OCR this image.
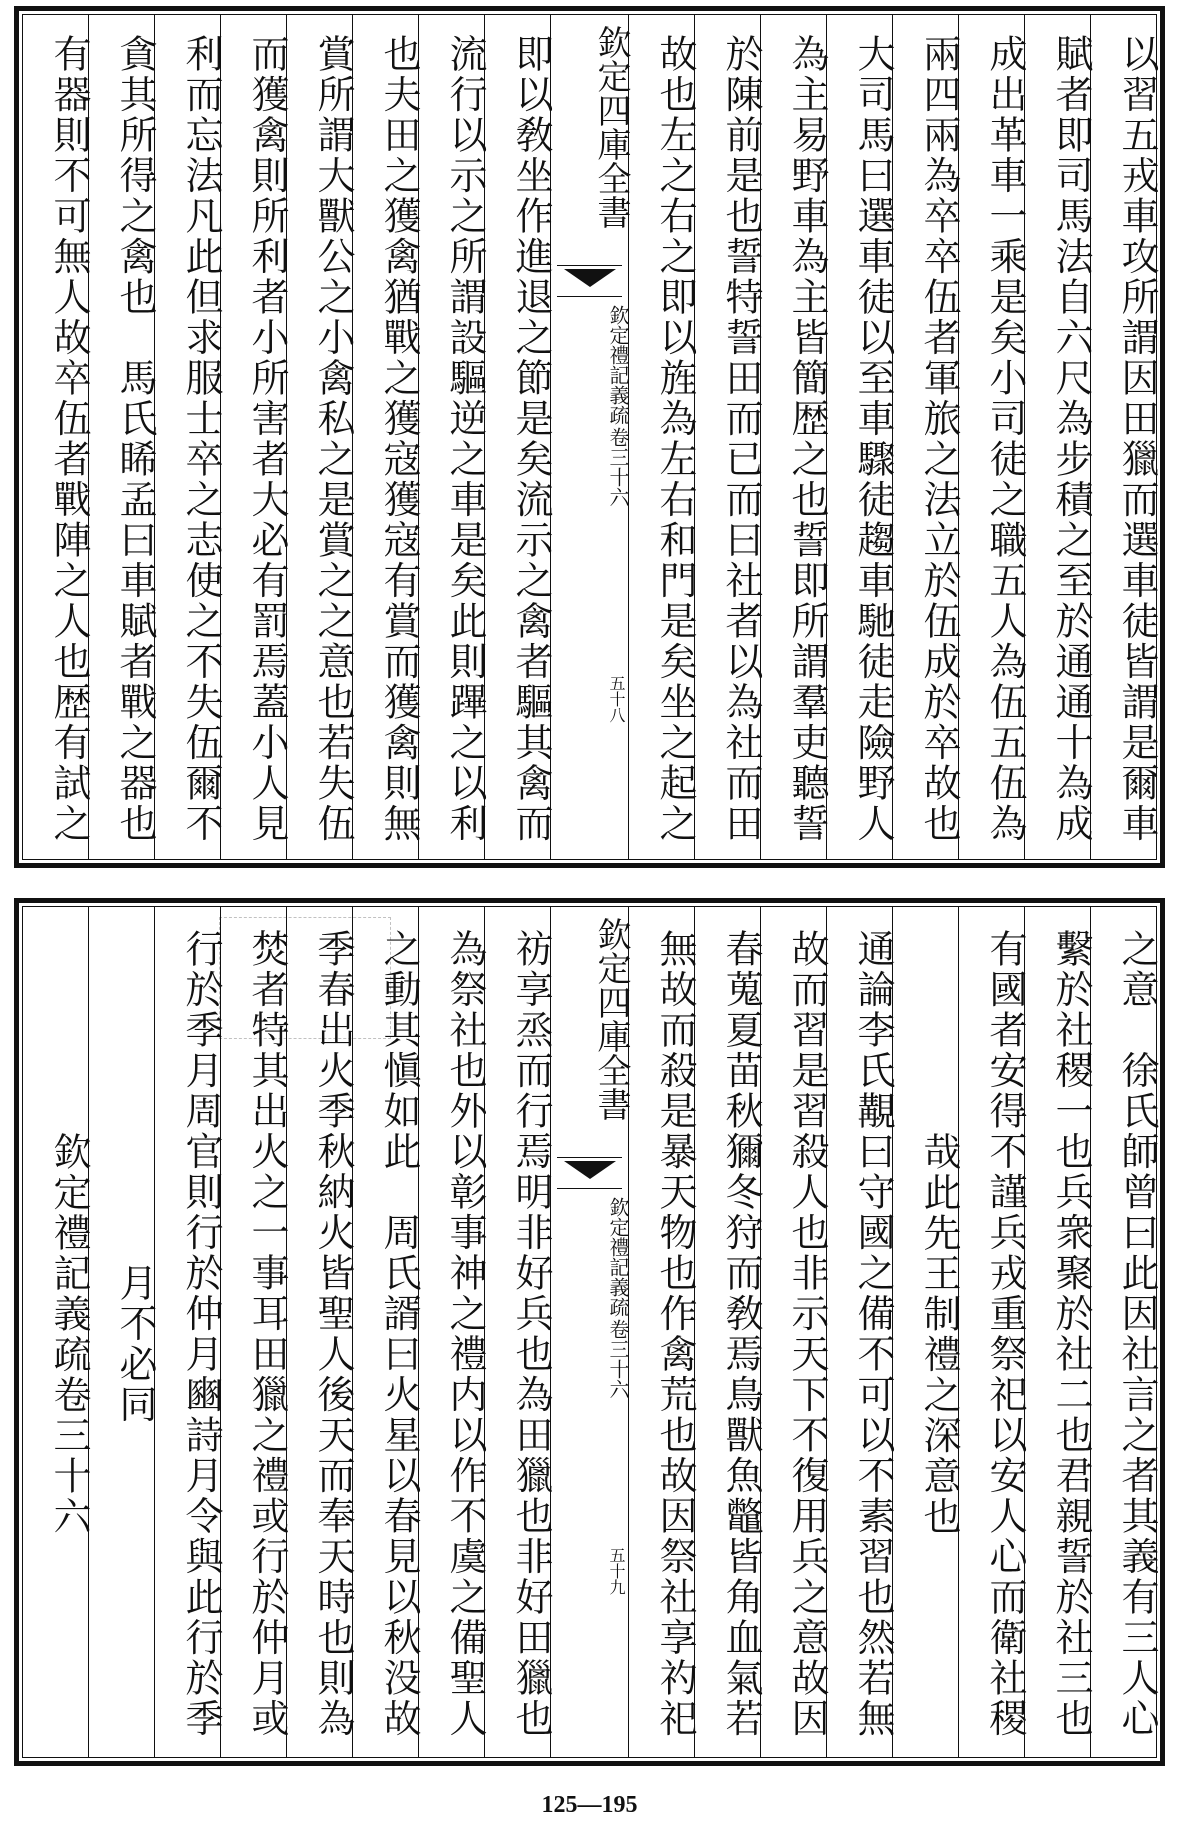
以習五戎車攻所謂因田獵而選車徒皆謂是爾車
賦者即司馬法自六尺為步積之至於通通十為成
成出革車一乘是矣小司徒之職五人為伍五伍為
兩四兩為卒卒伍者軍旅之法立於伍成於卒故也
大司馬曰選車徒以至車驟徒趨車馳徒走險野人
為主易野車為主皆簡歴之也誓即所謂羣吏聽誓
於陳前是也誓特誓田而已而曰社者以為社而田
故也左之右之即以旌為左右和門是矣坐之起之
欽定四庫全書
欽定禮記義疏
卷三十六
五十八
即以敎坐作進退之節是矣流示之禽者驅其禽而
流行以示之所謂設驅逆之車是矣此則蹕之以利
也夫田之獲禽猶戰之獲寇獲寇有賞而獲禽則無
賞所謂大獸公之小禽私之是賞之之意也若失伍
而獲禽則所利者小所害者大必有罰焉蓋小人見
利而忘法凡此但求服士卒之志使之不失伍爾不
貪其所得之禽也　馬氏睎孟曰車賦者戰之器也
有器則不可無人故卒伍者戰陣之人也歴有試之
之意　徐氏師曾曰此因社言之者其義有三人心
繫於社稷一也兵衆聚於社二也君親誓於社三也
有國者安得不謹兵戎重祭祀以安人心而衛社稷
哉此先王制禮之深意也
通論李氏覯曰守國之備不可以不素習也然若無
故而習是習殺人也非示天下不復用兵之意故因
春蒐夏苗秋獮冬狩而敎焉鳥獸魚鼈皆角血氣若
無故而殺是暴天物也作禽荒也故因祭社享礿祀
欽定四庫全書
欽定禮記義疏
卷三十六
五十九
祊享烝而行焉明非好兵也為田獵也非好田獵也
為祭社也外以彰事神之禮内以作不虞之備聖人
之動其愼如此　周氏諝曰火星以春見以秋没故
季春出火季秋納火皆聖人後天而奉天時也則為
焚者特其出火之一事耳田獵之禮或行於仲月或
行於季月周官則行於仲月豳詩月令與此行於季
月不必同
欽定禮記義疏卷三十六
125—195
